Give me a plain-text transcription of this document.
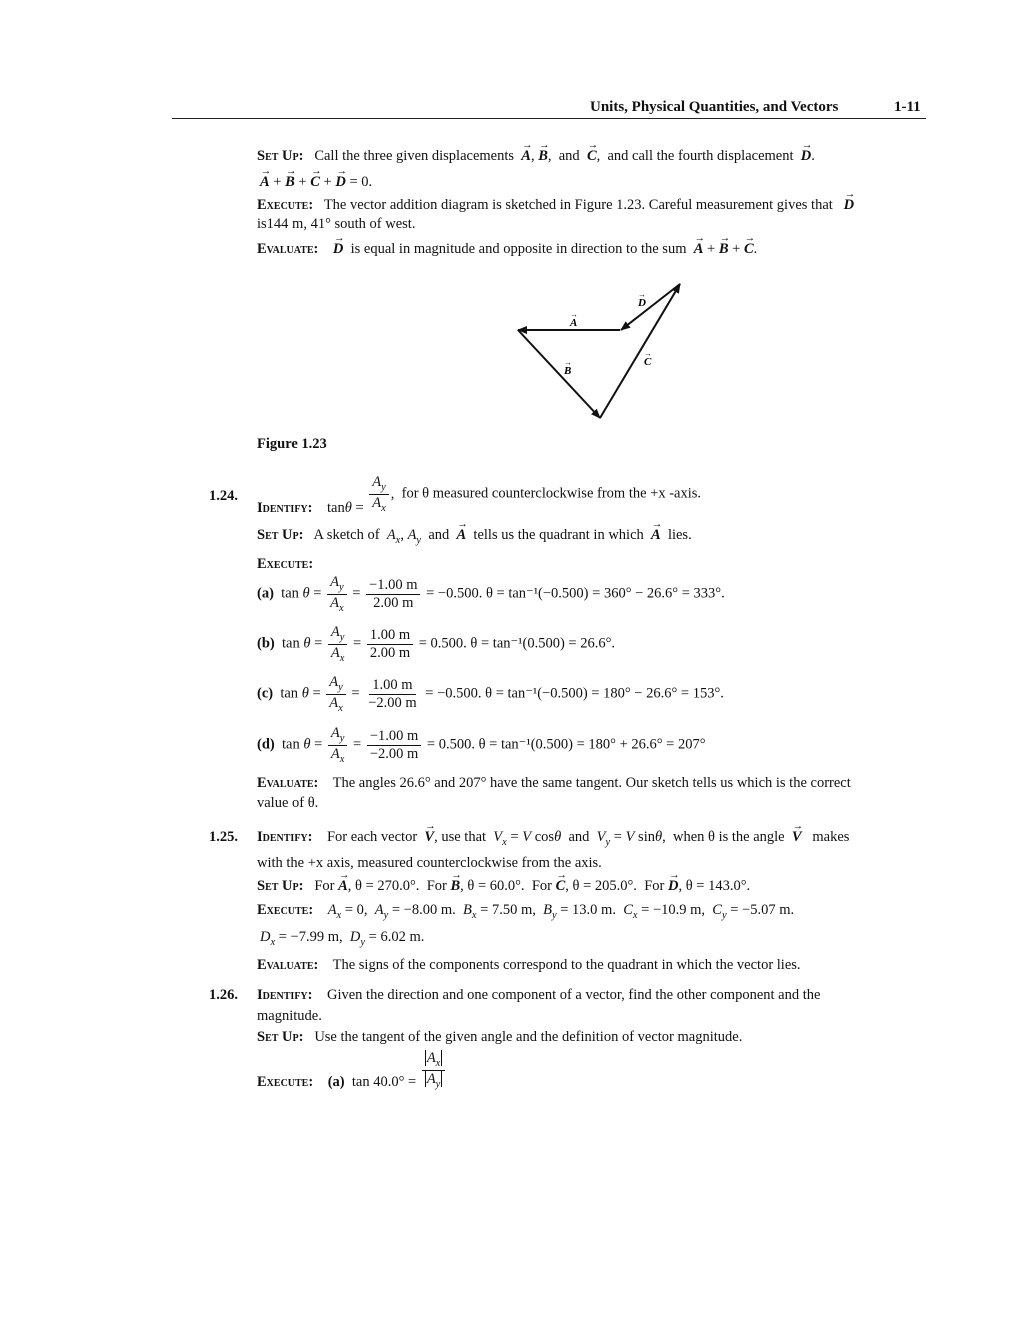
Units, Physical Quantities, and Vectors	1-11
Set Up: Call the three given displacements → A, → B,  and → C,  and call the fourth displacement → D.
→ A + → B + → C + → D = 0.
Execute: The vector addition diagram is sketched in Figure 1.23. Careful measurement gives that → D
is144 m, 41° south of west.
Evaluate: → D is equal in magnitude and opposite in direction to the sum → A + → B + → C.
A
B
C
D
→
→
→
→
Figure 1.23
1.24.
Identify: $\tan\theta = \frac{A_y}{A_x}$ ,  for θ measured counterclockwise from the +x -axis.
Set Up: A sketch of $A_x$, $A_y$ and → A tells us the quadrant in which → A lies.
Execute:
(a)  $\tan \theta = \frac{A_y}{A_x} = \frac{-1.00 m}{2.00 m} = -0.500$. θ = tan⁻¹(−0.500) = 360° − 26.6° = 333°.
(b)  $\tan \theta = \frac{A_y}{A_x} = \frac{1.00 m}{2.00 m} = 0.500$. θ = tan⁻¹(0.500) = 26.6°.
(c)  $\tan \theta = \frac{A_y}{A_x} = \frac{1.00 m}{-2.00 m} = -0.500$. θ = tan⁻¹(−0.500) = 180° − 26.6° = 153°.
(d)  $\tan \theta = \frac{A_y}{A_x} = \frac{-1.00 m}{-2.00 m} = 0.500$. θ = tan⁻¹(0.500) = 180° + 26.6° = 207°
Evaluate: The angles 26.6° and 207° have the same tangent. Our sketch tells us which is the correct
value of θ.
1.25. Identify: For each vector → V, use that $V_x = V$ cosθ  and  $V_y = V$ sinθ,  when θ is the angle → V makes
with the +x axis, measured counterclockwise from the axis.
Set Up: For → A, θ = 270.0°. For → B, θ = 60.0°. For → C, θ = 205.0°. For → D, θ = 143.0°.
Execute: $A_x = 0$,  $A_y = -8.00$ m.  $B_x = 7.50$ m,  $B_y = 13.0$ m.  $C_x = -10.9$ m,  $C_y = -5.07$ m.
$D_x = -7.99$ m,  $D_y = 6.02$ m.
Evaluate: The signs of the components correspond to the quadrant in which the vector lies.
1.26. Identify: Given the direction and one component of a vector, find the other component and the
magnitude.
Set Up: Use the tangent of the given angle and the definition of vector magnitude.
Execute: (a) $\tan 40.0^\circ = \frac{A_x}{A_y}$
